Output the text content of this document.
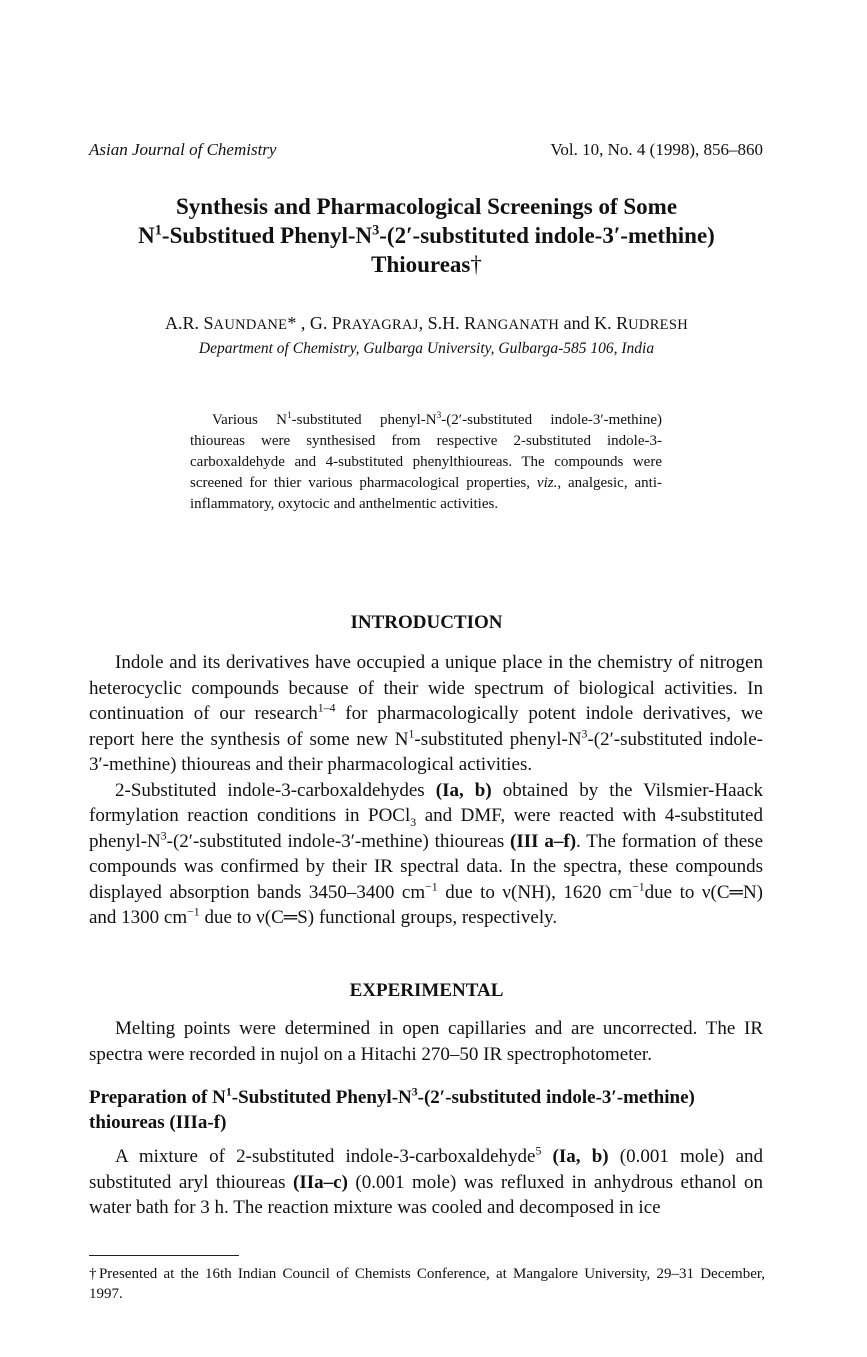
Asian Journal of Chemistry	Vol. 10, No. 4 (1998), 856–860
Synthesis and Pharmacological Screenings of Some
$N^1$-Substitued Phenyl-$N^3-(2'$-substituted indole-3′-methine)
Thioureas†
A.R. SAUNDANE* , G. PRAYAGRAJ, S.H. RANGANATH and K. RUDRESH
Department of Chemistry, Gulbarga University, Gulbarga-585 106, India
Various $N^1$-substituted phenyl-$N^3-(2'$-substituted indole-3′-methine) thioureas were synthesised from respective 2-substituted indole-3-carboxaldehyde and 4-substituted phenylthioureas. The compounds were screened for thier various pharmacological properties, viz., analgesic, anti-inflammatory, oxytocic and anthelmentic activities.
INTRODUCTION

Indole and its derivatives have occupied a unique place in the chemistry of nitrogen heterocyclic compounds because of their wide spectrum of biological activities. In continuation of our research$^{1-4}$ for pharmacologically potent indole derivatives, we report here the synthesis of some new $N^1$-substituted phenyl-$N^3-(2'$-substituted indole-3′-methine) thioureas and their pharmacological activities.

2-Substituted indole-3-carboxaldehydes (Ia, b) obtained by the Vilsmier-Haack formylation reaction conditions in POCl$_3$ and DMF, were reacted with 4-substituted phenyl-$N^3-(2'$-substituted indole-3′-methine) thioureas (III a–f). The formation of these compounds was confirmed by their IR spectral data. In the spectra, these compounds displayed absorption bands 3450–3400 $cm^{-1}$ due to ν(NH), 1620 $cm^{-1}due$ to ν(C═N) and 1300 $cm^{-1}$ due to ν(C═S) functional groups, respectively.

EXPERIMENTAL

Melting points were determined in open capillaries and are uncorrected. The IR spectra were recorded in nujol on a Hitachi 270–50 IR spectrophotometer.

Preparation of $N^1$-Substituted Phenyl-$N^3-(2'$-substituted indole-3′-methine) thioureas (IIIa-f)

A mixture of 2-substituted indole-3-carboxaldehyde$^5$ (Ia, b) (0.001 mole) and substituted aryl thioureas (IIa–c) (0.001 mole) was refluxed in anhydrous ethanol on water bath for 3 h. The reaction mixture was cooled and decomposed in ice

†Presented at the 16th Indian Council of Chemists Conference, at Mangalore University, 29–31 December, 1997.
